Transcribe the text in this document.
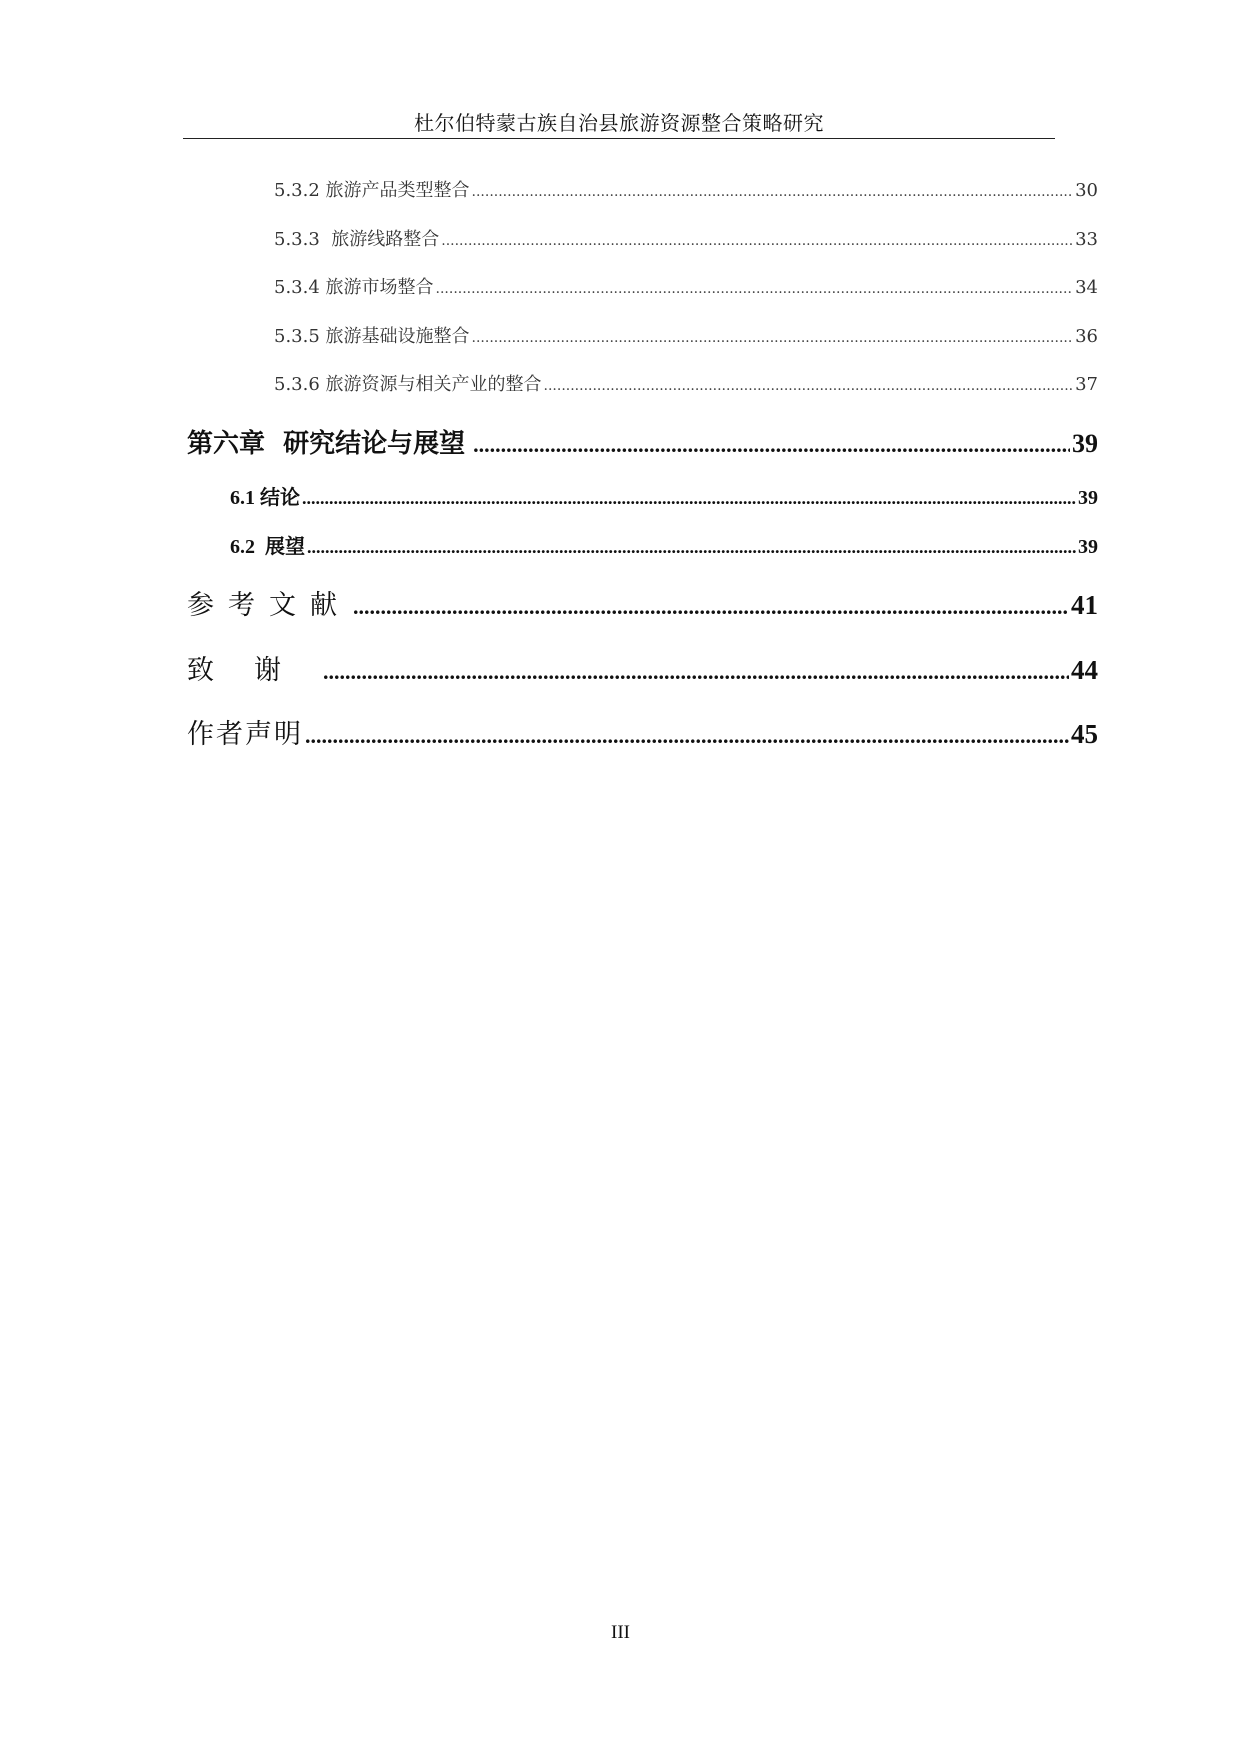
杜尔伯特蒙古族自治县旅游资源整合策略研究
5.3.2 旅游产品类型整合 .....	30
5.3.3  旅游线路整合 .....	33
5.3.4 旅游市场整合 .....	34
5.3.5 旅游基础设施整合 .....	36
5.3.6 旅游资源与相关产业的整合 .....	37
第六章  研究结论与展望 .....	39
6.1 结论 .....	39
6.2  展望 .....	39
参考文献 .....	41
致谢 .....	44
作者声明 .....	45
III
